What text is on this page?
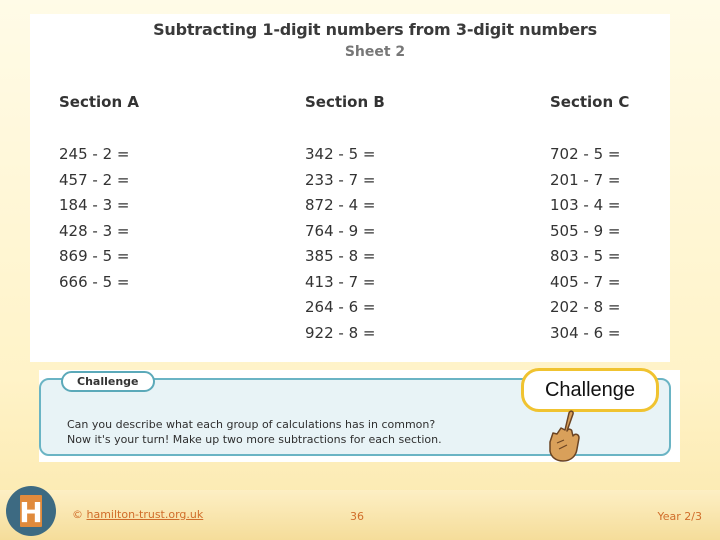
Subtracting 1-digit numbers from 3-digit numbers
Sheet 2
Section A
245 - 2 =
457 - 2 =
184 - 3 =
428 - 3 =
869 - 5 =
666 - 5 =
Section B
342 - 5 =
233 - 7 =
872 - 4 =
764 - 9 =
385 - 8 =
413 - 7 =
264 - 6 =
922 - 8 =
Section C
702 - 5 =
201 - 7 =
103 - 4 =
505 - 9 =
803 - 5 =
405 - 7 =
202 - 8 =
304 - 6 =
Can you describe what each group of calculations has in common?
Now it's your turn! Make up two more subtractions for each section.
Challenge	Challenge
H	© hamilton-trust.org.uk	36	Year 2/3
